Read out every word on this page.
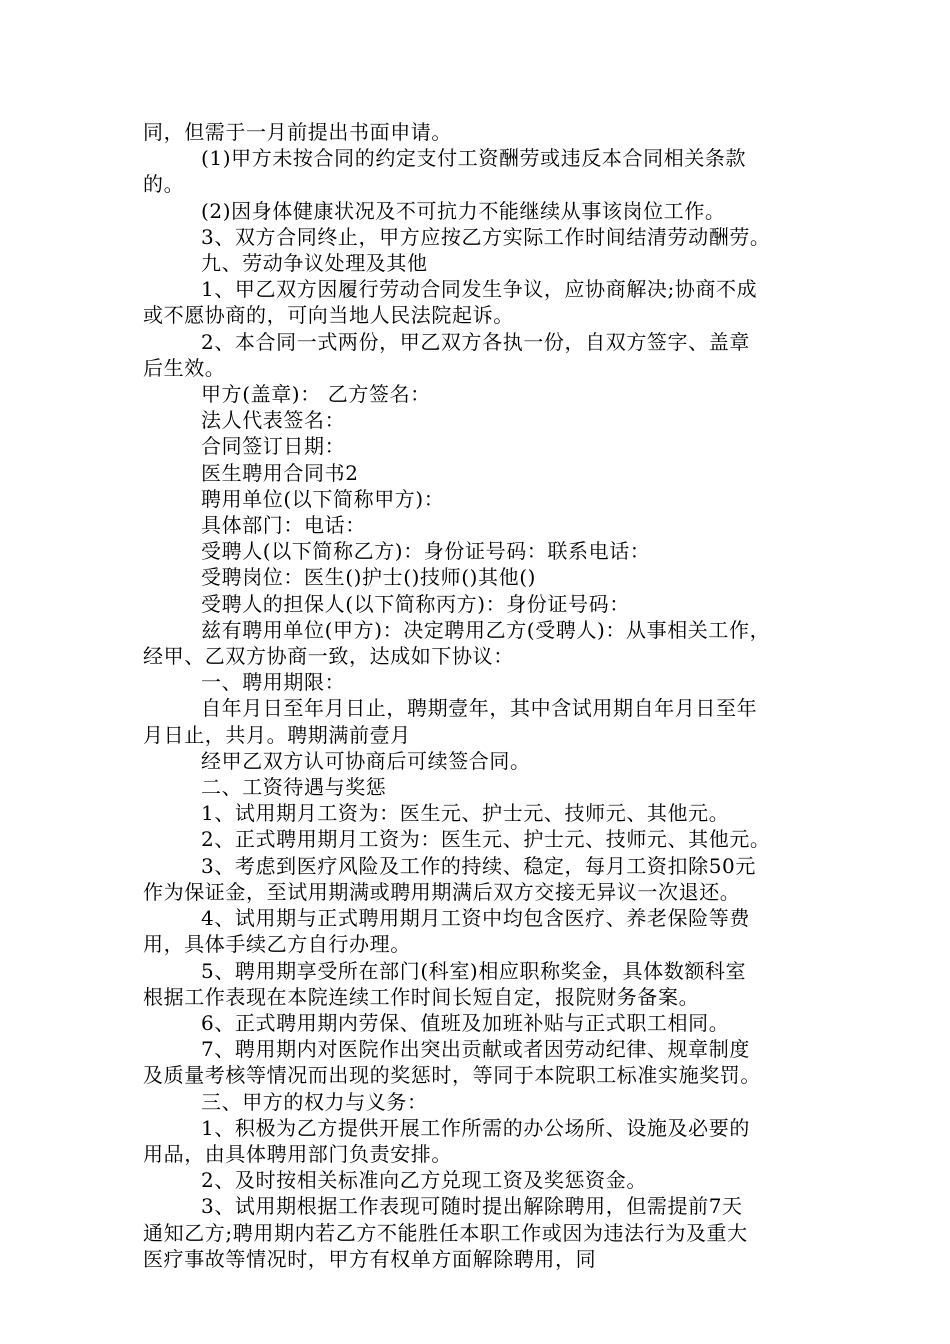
同，但需于一月前提出书面申请。

(1)甲方未按合同的约定支付工资酬劳或违反本合同相关条款

的。

(2)因身体健康状况及不可抗力不能继续从事该岗位工作。

3、双方合同终止，甲方应按乙方实际工作时间结清劳动酬劳。

九、劳动争议处理及其他

1、甲乙双方因履行劳动合同发生争议，应协商解决;协商不成

或不愿协商的，可向当地人民法院起诉。

2、本合同一式两份，甲乙双方各执一份，自双方签字、盖章

后生效。

甲方(盖章)： 乙方签名：

法人代表签名：

合同签订日期：

医生聘用合同书2

聘用单位(以下简称甲方)：

具体部门：电话：

受聘人(以下简称乙方)：身份证号码：联系电话：

受聘岗位：医生()护士()技师()其他()

受聘人的担保人(以下简称丙方)：身份证号码：

兹有聘用单位(甲方)：决定聘用乙方(受聘人)：从事相关工作，

经甲、乙双方协商一致，达成如下协议：

一、聘用期限：

自年月日至年月日止，聘期壹年，其中含试用期自年月日至年

月日止，共月。聘期满前壹月

经甲乙双方认可协商后可续签合同。

二、工资待遇与奖惩

1、试用期月工资为：医生元、护士元、技师元、其他元。

2、正式聘用期月工资为：医生元、护士元、技师元、其他元。

3、考虑到医疗风险及工作的持续、稳定，每月工资扣除50元

作为保证金，至试用期满或聘用期满后双方交接无异议一次退还。

4、试用期与正式聘用期月工资中均包含医疗、养老保险等费

用，具体手续乙方自行办理。

5、聘用期享受所在部门(科室)相应职称奖金，具体数额科室

根据工作表现在本院连续工作时间长短自定，报院财务备案。

6、正式聘用期内劳保、值班及加班补贴与正式职工相同。

7、聘用期内对医院作出突出贡献或者因劳动纪律、规章制度

及质量考核等情况而出现的奖惩时，等同于本院职工标准实施奖罚。

三、甲方的权力与义务：

1、积极为乙方提供开展工作所需的办公场所、设施及必要的

用品，由具体聘用部门负责安排。

2、及时按相关标准向乙方兑现工资及奖惩资金。

3、试用期根据工作表现可随时提出解除聘用，但需提前7天

通知乙方;聘用期内若乙方不能胜任本职工作或因为违法行为及重大

医疗事故等情况时，甲方有权单方面解除聘用，同
